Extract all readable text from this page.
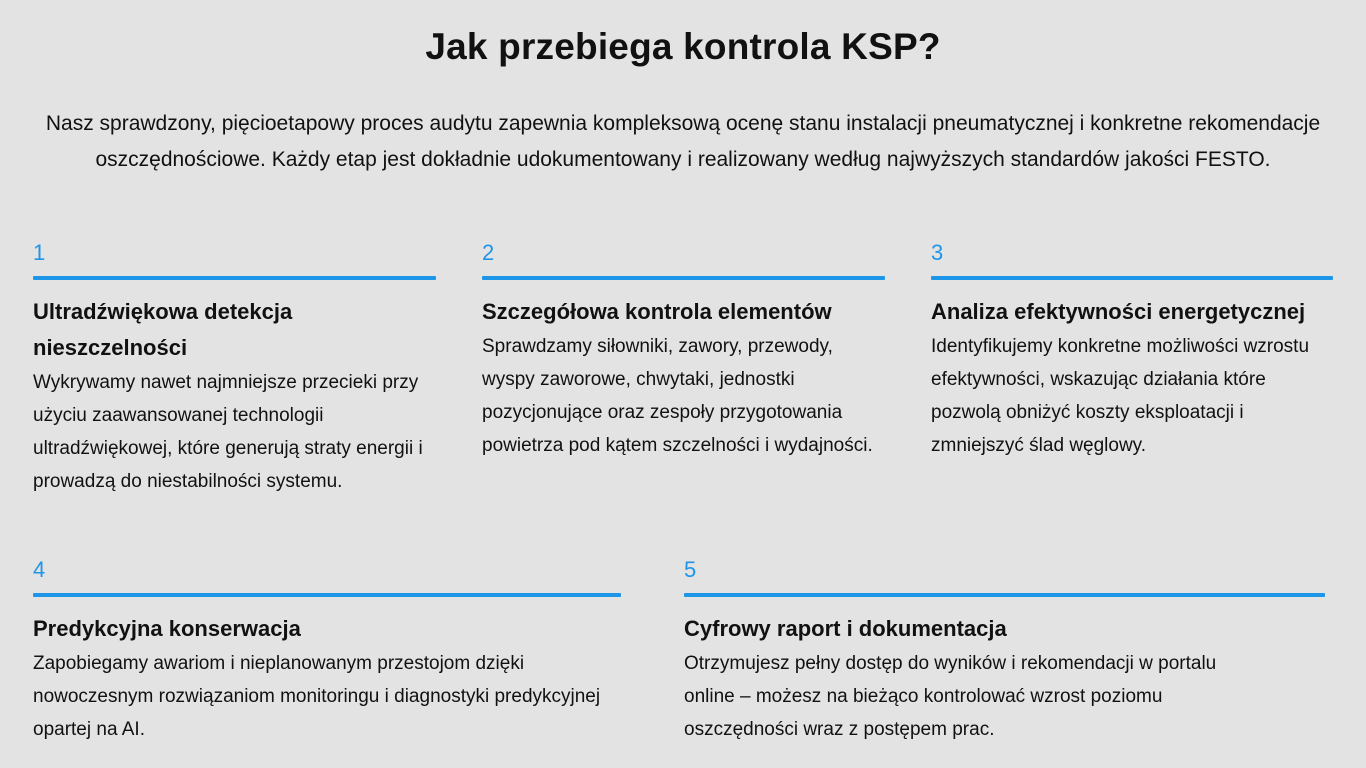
Jak przebiega kontrola KSP?

Nasz sprawdzony, pięcioetapowy proces audytu zapewnia kompleksową ocenę stanu instalacji pneumatycznej i konkretne rekomendacje oszczędnościowe. Każdy etap jest dokładnie udokumentowany i realizowany według najwyższych standardów jakości FESTO.

1
Ultradźwiękowa detekcja nieszczelności

Wykrywamy nawet najmniejsze przecieki przy użyciu zaawansowanej technologii ultradźwiękowej, które generują straty energii i prowadzą do niestabilności systemu.

2
Szczegółowa kontrola elementów

Sprawdzamy siłowniki, zawory, przewody, wyspy zaworowe, chwytaki, jednostki pozycjonujące oraz zespoły przygotowania powietrza pod kątem szczelności i wydajności.

3
Analiza efektywności energetycznej

Identyfikujemy konkretne możliwości wzrostu efektywności, wskazując działania które pozwolą obniżyć koszty eksploatacji i zmniejszyć ślad węglowy.

4
Predykcyjna konserwacja

Zapobiegamy awariom i nieplanowanym przestojom dzięki nowoczesnym rozwiązaniom monitoringu i diagnostyki predykcyjnej opartej na AI.

5
Cyfrowy raport i dokumentacja

Otrzymujesz pełny dostęp do wyników i rekomendacji w portalu online – możesz na bieżąco kontrolować wzrost poziomu oszczędności wraz z postępem prac.
